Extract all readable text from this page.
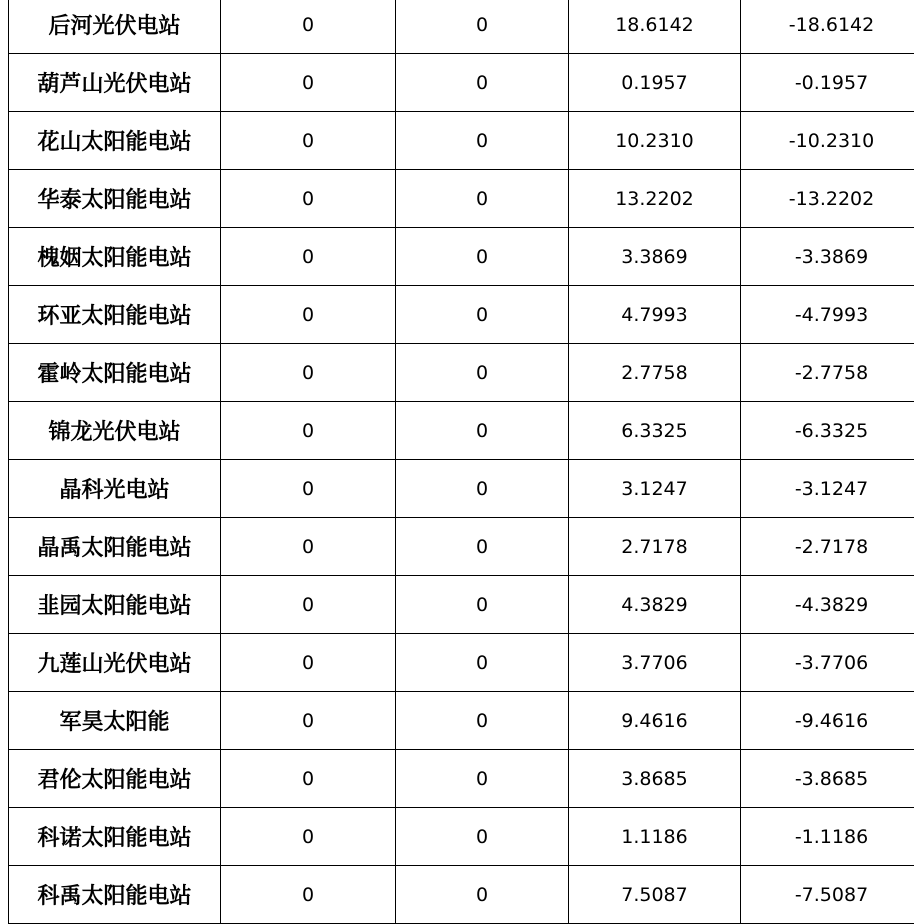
后河光伏电站	0	0	18.6142	-18.6142
葫芦山光伏电站	0	0	0.1957	-0.1957
花山太阳能电站	0	0	10.2310	-10.2310
华泰太阳能电站	0	0	13.2202	-13.2202
槐姻太阳能电站	0	0	3.3869	-3.3869
环亚太阳能电站	0	0	4.7993	-4.7993
霍岭太阳能电站	0	0	2.7758	-2.7758
锦龙光伏电站	0	0	6.3325	-6.3325
晶科光电站	0	0	3.1247	-3.1247
晶禹太阳能电站	0	0	2.7178	-2.7178
韭园太阳能电站	0	0	4.3829	-4.3829
九莲山光伏电站	0	0	3.7706	-3.7706
军昊太阳能	0	0	9.4616	-9.4616
君伦太阳能电站	0	0	3.8685	-3.8685
科诺太阳能电站	0	0	1.1186	-1.1186
科禹太阳能电站	0	0	7.5087	-7.5087
